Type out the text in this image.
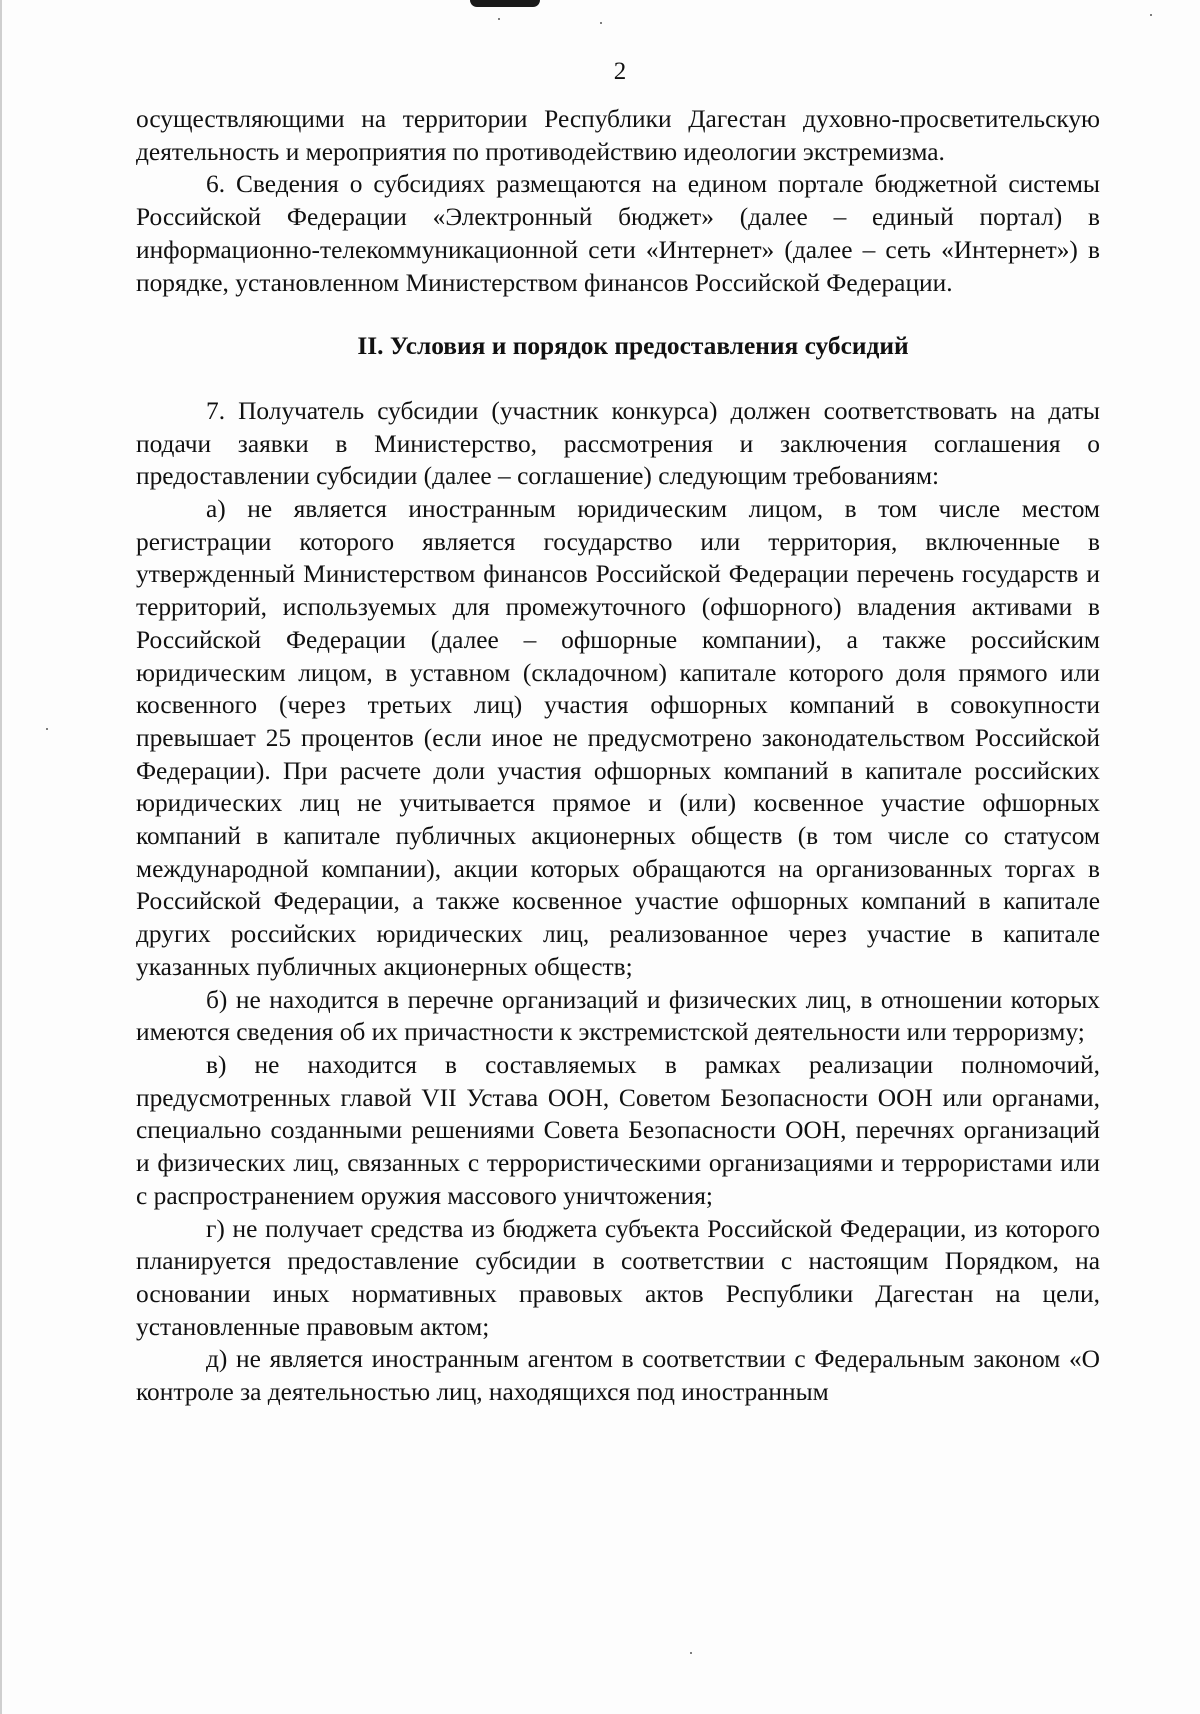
2

осуществляющими на территории Республики Дагестан духовно-просветительскую деятельность и мероприятия по противодействию идеологии экстремизма.

6. Сведения о субсидиях размещаются на едином портале бюджетной системы Российской Федерации «Электронный бюджет» (далее – единый портал) в информационно-телекоммуникационной сети «Интернет» (далее – сеть «Интернет») в порядке, установленном Министерством финансов Российской Федерации.

II. Условия и порядок предоставления субсидий

7. Получатель субсидии (участник конкурса) должен соответствовать на даты подачи заявки в Министерство, рассмотрения и заключения соглашения о предоставлении субсидии (далее – соглашение) следующим требованиям:

а) не является иностранным юридическим лицом, в том числе местом регистрации которого является государство или территория, включенные в утвержденный Министерством финансов Российской Федерации перечень государств и территорий, используемых для промежуточного (офшорного) владения активами в Российской Федерации (далее – офшорные компании), а также российским юридическим лицом, в уставном (складочном) капитале которого доля прямого или косвенного (через третьих лиц) участия офшорных компаний в совокупности превышает 25 процентов (если иное не предусмотрено законодательством Российской Федерации). При расчете доли участия офшорных компаний в капитале российских юридических лиц не учитывается прямое и (или) косвенное участие офшорных компаний в капитале публичных акционерных обществ (в том числе со статусом международной компании), акции которых обращаются на организованных торгах в Российской Федерации, а также косвенное участие офшорных компаний в капитале других российских юридических лиц, реализованное через участие в капитале указанных публичных акционерных обществ;

б) не находится в перечне организаций и физических лиц, в отношении которых имеются сведения об их причастности к экстремистской деятельности или терроризму;

в) не находится в составляемых в рамках реализации полномочий, предусмотренных главой VII Устава ООН, Советом Безопасности ООН или органами, специально созданными решениями Совета Безопасности ООН, перечнях организаций и физических лиц, связанных с террористическими организациями и террористами или с распространением оружия массового уничтожения;

г) не получает средства из бюджета субъекта Российской Федерации, из которого планируется предоставление субсидии в соответствии с настоящим Порядком, на основании иных нормативных правовых актов Республики Дагестан на цели, установленные правовым актом;

д) не является иностранным агентом в соответствии с Федеральным законом «О контроле за деятельностью лиц, находящихся под иностранным
